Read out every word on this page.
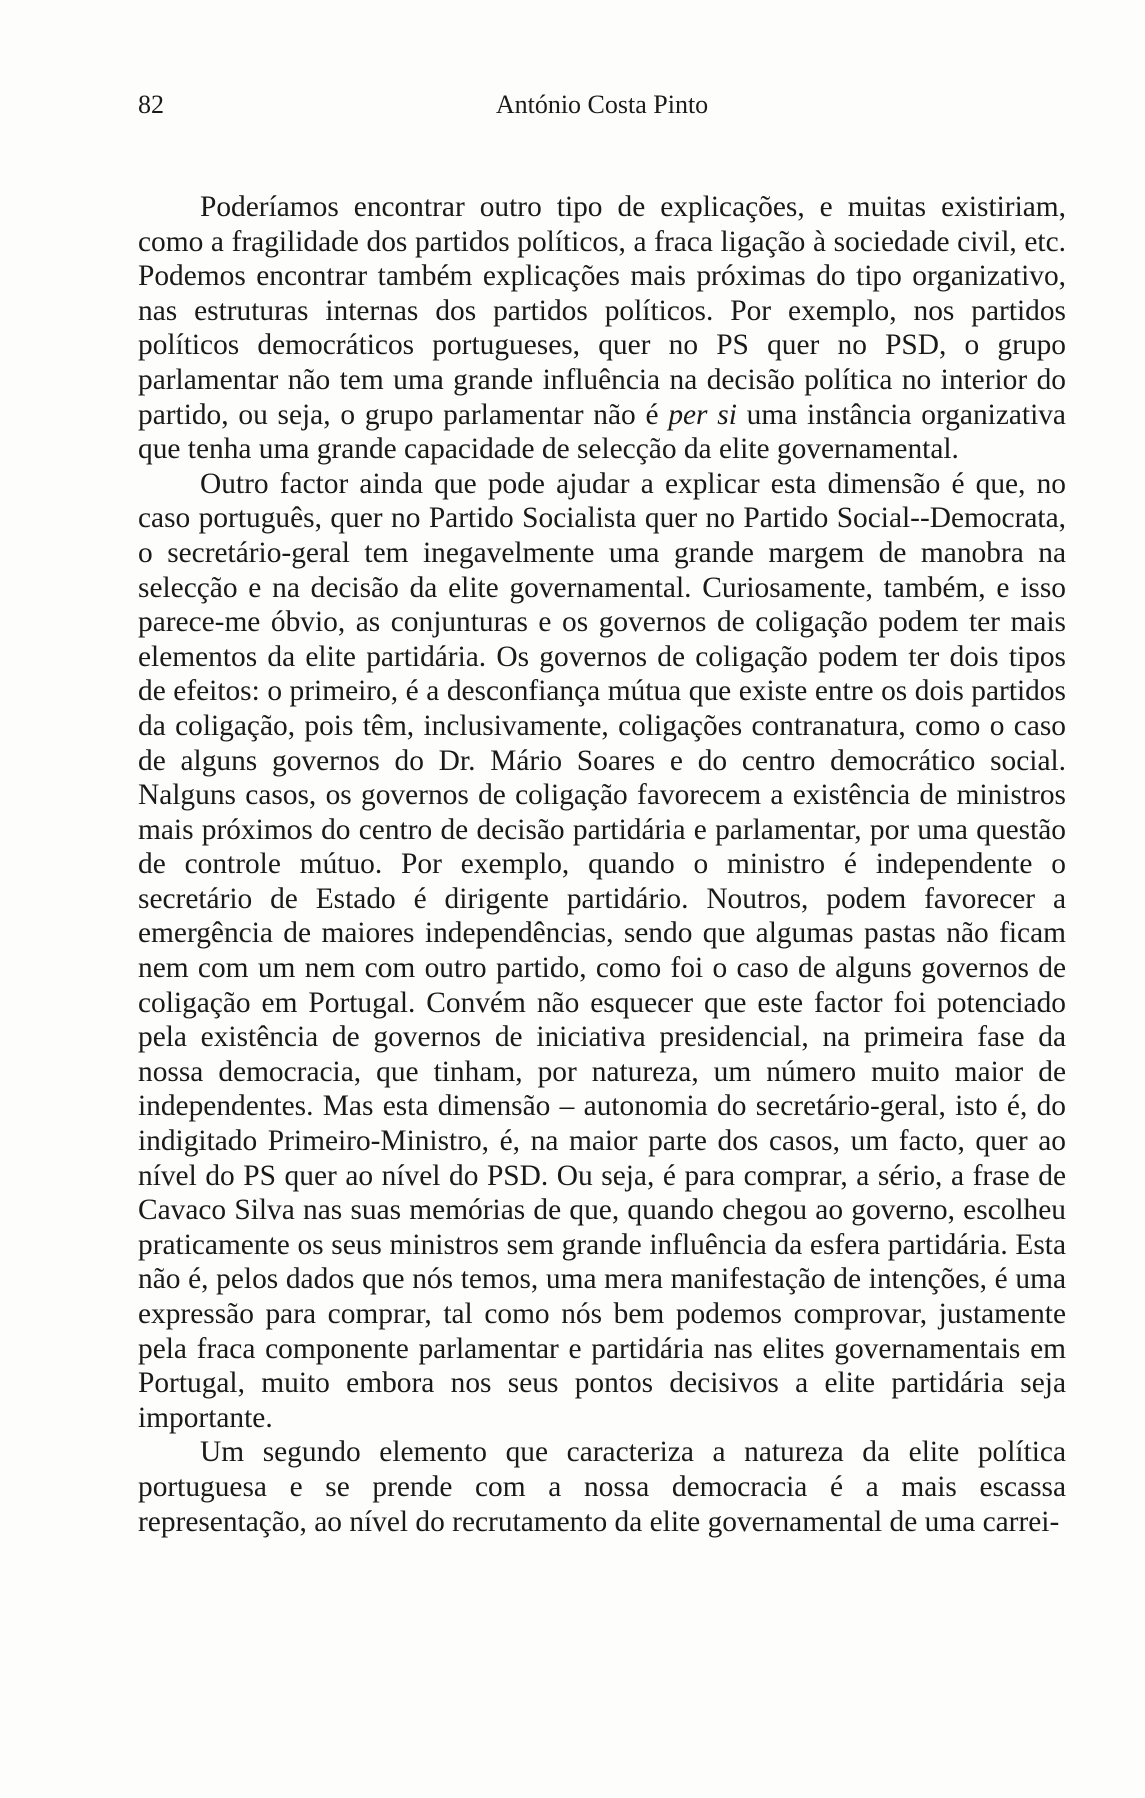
82	António Costa Pinto

Poderíamos encontrar outro tipo de explicações, e muitas existiriam, como a fragilidade dos partidos políticos, a fraca ligação à sociedade civil, etc. Podemos encontrar também explicações mais próximas do tipo organizativo, nas estruturas internas dos partidos políticos. Por exemplo, nos partidos políticos democráticos portugueses, quer no PS quer no PSD, o grupo parlamentar não tem uma grande influência na decisão política no interior do partido, ou seja, o grupo parlamentar não é per si uma instância organizativa que tenha uma grande capacidade de selecção da elite governamental.

Outro factor ainda que pode ajudar a explicar esta dimensão é que, no caso português, quer no Partido Socialista quer no Partido Social--Democrata, o secretário-geral tem inegavelmente uma grande margem de manobra na selecção e na decisão da elite governamental. Curiosamente, também, e isso parece-me óbvio, as conjunturas e os governos de coligação podem ter mais elementos da elite partidária. Os governos de coligação podem ter dois tipos de efeitos: o primeiro, é a desconfiança mútua que existe entre os dois partidos da coligação, pois têm, inclusivamente, coligações contranatura, como o caso de alguns governos do Dr. Mário Soares e do centro democrático social. Nalguns casos, os governos de coligação favorecem a existência de ministros mais próximos do centro de decisão partidária e parlamentar, por uma questão de controle mútuo. Por exemplo, quando o ministro é independente o secretário de Estado é dirigente partidário. Noutros, podem favorecer a emergência de maiores independências, sendo que algumas pastas não ficam nem com um nem com outro partido, como foi o caso de alguns governos de coligação em Portugal. Convém não esquecer que este factor foi potenciado pela existência de governos de iniciativa presidencial, na primeira fase da nossa democracia, que tinham, por natureza, um número muito maior de independentes. Mas esta dimensão – autonomia do secretário-geral, isto é, do indigitado Primeiro-Ministro, é, na maior parte dos casos, um facto, quer ao nível do PS quer ao nível do PSD. Ou seja, é para comprar, a sério, a frase de Cavaco Silva nas suas memórias de que, quando chegou ao governo, escolheu praticamente os seus ministros sem grande influência da esfera partidária. Esta não é, pelos dados que nós temos, uma mera manifestação de intenções, é uma expressão para comprar, tal como nós bem podemos comprovar, justamente pela fraca componente parlamentar e partidária nas elites governamentais em Portugal, muito embora nos seus pontos decisivos a elite partidária seja importante.

Um segundo elemento que caracteriza a natureza da elite política portuguesa e se prende com a nossa democracia é a mais escassa representação, ao nível do recrutamento da elite governamental de uma carrei-
